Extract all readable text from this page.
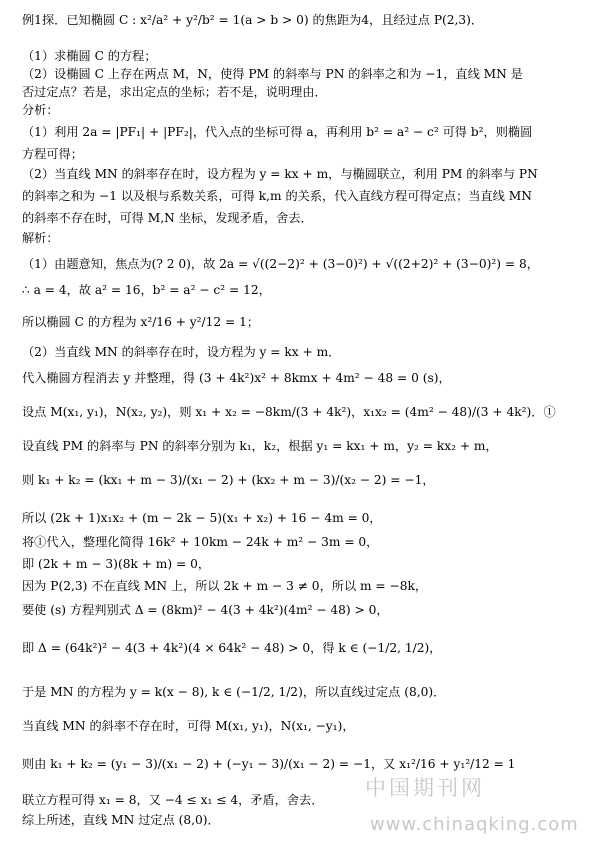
例1探．已知椭圆 C : x²/a² + y²/b² = 1(a > b > 0) 的焦距为4，且经过点 P(2,3)．
（1）求椭圆 C 的方程；
（2）设椭圆 C 上存在两点 M，N，使得 PM 的斜率与 PN 的斜率之和为 −1，直线 MN 是
否过定点？若是，求出定点的坐标；若不是，说明理由．
分析：
（1）利用 2a = |PF₁| + |PF₂|，代入点的坐标可得 a，再利用 b² = a² − c² 可得 b²，则椭圆
方程可得；
（2）当直线 MN 的斜率存在时，设方程为 y = kx + m，与椭圆联立，利用 PM 的斜率与 PN
的斜率之和为 −1 以及根与系数关系，可得 k,m 的关系，代入直线方程可得定点；当直线 MN
的斜率不存在时，可得 M,N 坐标，发现矛盾，舍去．
解析：
（1）由题意知，焦点为(? 2 0)，故 2a = √((2−2)² + (3−0)²) + √((2+2)² + (3−0)²) = 8，
∴ a = 4，故 a² = 16，b² = a² − c² = 12，
所以椭圆 C 的方程为 x²/16 + y²/12 = 1；
（2）当直线 MN 的斜率存在时，设方程为 y = kx + m．
代入椭圆方程消去 y 并整理，得 (3 + 4k²)x² + 8kmx + 4m² − 48 = 0 (s)，
设点 M(x₁, y₁)，N(x₂, y₂)，则 x₁ + x₂ = −8km/(3 + 4k²)，x₁x₂ = (4m² − 48)/(3 + 4k²)．①
设直线 PM 的斜率与 PN 的斜率分别为 k₁，k₂，根据 y₁ = kx₁ + m，y₂ = kx₂ + m，
则 k₁ + k₂ = (kx₁ + m − 3)/(x₁ − 2) + (kx₂ + m − 3)/(x₂ − 2) = −1，
所以 (2k + 1)x₁x₂ + (m − 2k − 5)(x₁ + x₂) + 16 − 4m = 0，
将①代入，整理化简得 16k² + 10km − 24k + m² − 3m = 0，
即 (2k + m − 3)(8k + m) = 0，
因为 P(2,3) 不在直线 MN 上，所以 2k + m − 3 ≠ 0，所以 m = −8k，
要使 (s) 方程判别式 Δ = (8km)² − 4(3 + 4k²)(4m² − 48) > 0，
即 Δ = (64k²)² − 4(3 + 4k²)(4 × 64k² − 48) > 0，得 k ∈ (−1/2, 1/2)，
于是 MN 的方程为 y = k(x − 8), k ∈ (−1/2, 1/2)，所以直线过定点 (8,0)．
当直线 MN 的斜率不存在时，可得 M(x₁, y₁)，N(x₁, −y₁)，
则由 k₁ + k₂ = (y₁ − 3)/(x₁ − 2) + (−y₁ − 3)/(x₁ − 2) = −1，又 x₁²/16 + y₁²/12 = 1
联立方程可得 x₁ = 8，又 −4 ≤ x₁ ≤ 4，矛盾，舍去．
综上所述，直线 MN 过定点 (8,0)．
中国期刊网
www.chinaqking.com
